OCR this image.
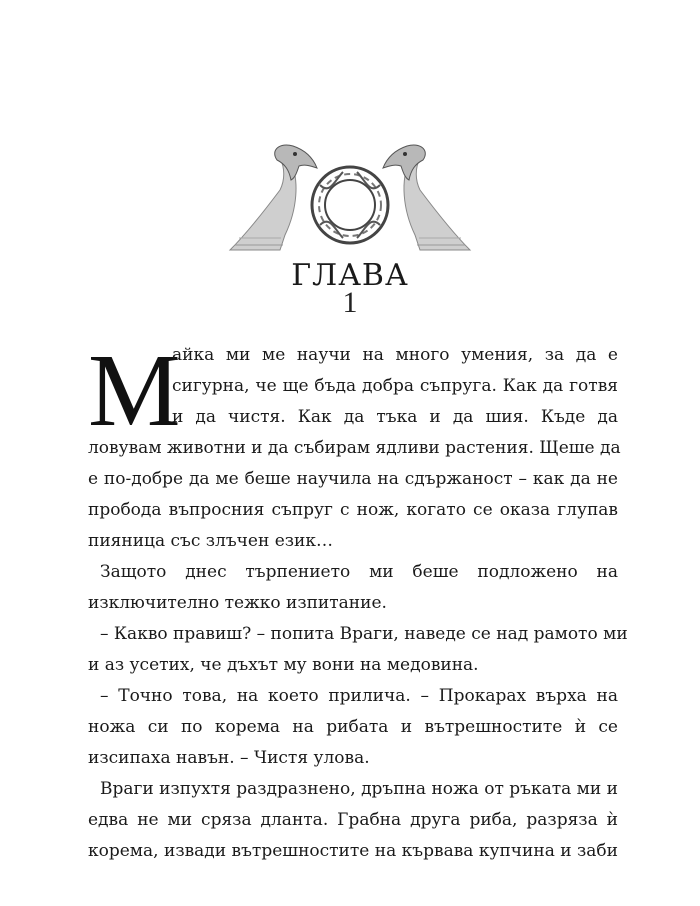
ГЛАВА
1
М
айка ми ме научи на много умения, за да е
сигурна, че ще бъда добра съпруга. Как да готвя
и да чистя. Как да тъка и да шия. Къде да
ловувам животни и да събирам ядливи растения. Щеше да
е по-добре да ме беше научила на сдържаност – как да не
пробода въпросния съпруг с нож, когато се оказа глупав
пияница със злъчен език…
Защото днес търпението ми беше подложено на
изключително тежко изпитание.
– Какво правиш? – попита Враги, наведе се над рамото ми
и аз усетих, че дъхът му вони на медовина.
– Точно това, на което прилича. – Прокарах върха на
ножа си по корема на рибата и вътрешностите ѝ се
изсипаха навън. – Чистя улова.
Враги изпухтя раздразнено, дръпна ножа от ръката ми и
едва не ми сряза дланта. Грабна друга риба, разряза ѝ
корема, извади вътрешностите на кървава купчина и заби
